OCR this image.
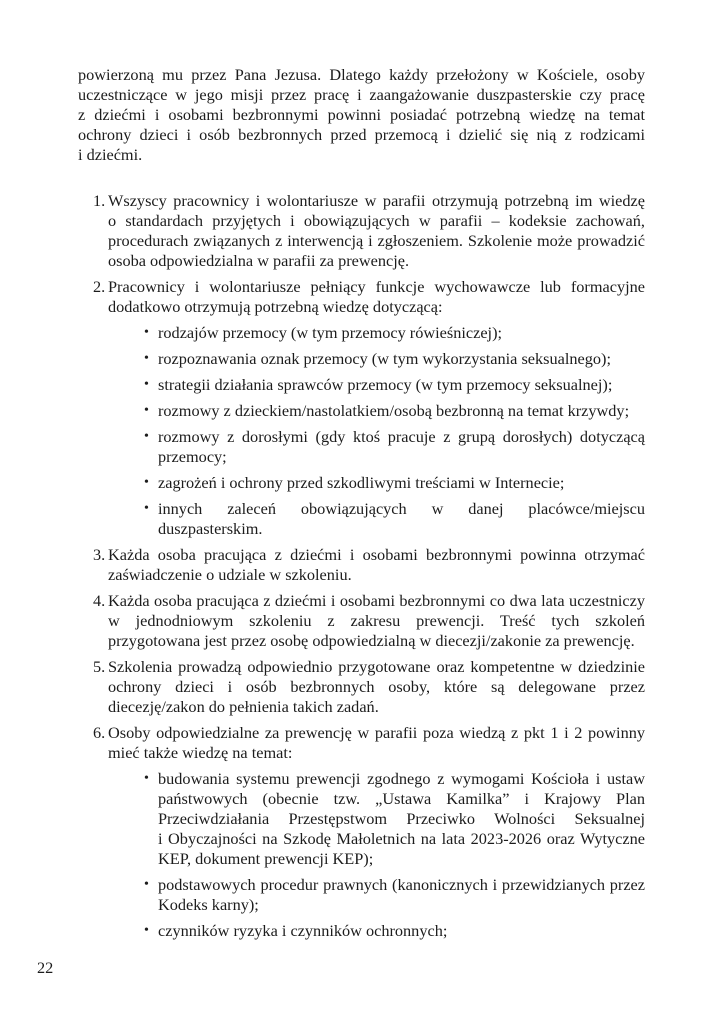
powierzoną mu przez Pana Jezusa. Dlatego każdy przełożony w Kościele, osoby uczestniczące w jego misji przez pracę i zaangażowanie duszpasterskie czy pracę z dziećmi i osobami bezbronnymi powinni posiadać potrzebną wiedzę na temat ochrony dzieci i osób bezbronnych przed przemocą i dzielić się nią z rodzicami i dziećmi.

1. Wszyscy pracownicy i wolontariusze w parafii otrzymują potrzebną im wiedzę o standardach przyjętych i obowiązujących w parafii – kodeksie zachowań, procedurach związanych z interwencją i zgłoszeniem. Szkolenie może prowadzić osoba odpowiedzialna w parafii za prewencję.
2. Pracownicy i wolontariusze pełniący funkcje wychowawcze lub formacyjne dodatkowo otrzymują potrzebną wiedzę dotyczącą:
• rodzajów przemocy (w tym przemocy rówieśniczej);
• rozpoznawania oznak przemocy (w tym wykorzystania seksualnego);
• strategii działania sprawców przemocy (w tym przemocy seksualnej);
• rozmowy z dzieckiem/nastolatkiem/osobą bezbronną na temat krzywdy;
• rozmowy z dorosłymi (gdy ktoś pracuje z grupą dorosłych) dotyczącą przemocy;
• zagrożeń i ochrony przed szkodliwymi treściami w Internecie;
• innych zaleceń obowiązujących w danej placówce/miejscu duszpasterskim.
3. Każda osoba pracująca z dziećmi i osobami bezbronnymi powinna otrzymać zaświadczenie o udziale w szkoleniu.
4. Każda osoba pracująca z dziećmi i osobami bezbronnymi co dwa lata uczestniczy w jednodniowym szkoleniu z zakresu prewencji. Treść tych szkoleń przygotowana jest przez osobę odpowiedzialną w diecezji/zakonie za prewencję.
5. Szkolenia prowadzą odpowiednio przygotowane oraz kompetentne w dziedzinie ochrony dzieci i osób bezbronnych osoby, które są delegowane przez diecezję/zakon do pełnienia takich zadań.
6. Osoby odpowiedzialne za prewencję w parafii poza wiedzą z pkt 1 i 2 powinny mieć także wiedzę na temat:
• budowania systemu prewencji zgodnego z wymogami Kościoła i ustaw państwowych (obecnie tzw. „Ustawa Kamilka” i Krajowy Plan Przeciwdziałania Przestępstwom Przeciwko Wolności Seksualnej i Obyczajności na Szkodę Małoletnich na lata 2023-2026 oraz Wytyczne KEP, dokument prewencji KEP);
• podstawowych procedur prawnych (kanonicznych i przewidzianych przez Kodeks karny);
• czynników ryzyka i czynników ochronnych;
22
